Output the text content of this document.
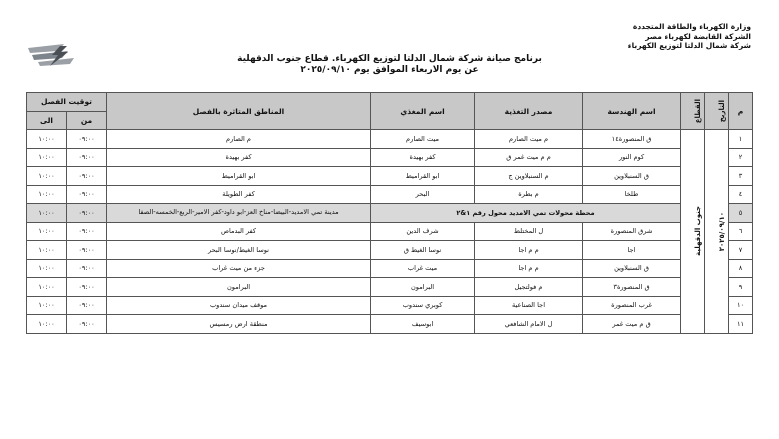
وزارة الكهرباء والطاقة المتجددة
الشركة القابضة لكهرباء مصر
شركة شمال الدلتا لتوزيع الكهرباء
برنامج صيانة شركة شمال الدلتا لتوزيع الكهرباء. قطاع جنوب الدقهلية
عن يوم الاربعاء الموافق يوم ٢٠٢٥/٠٩/١٠
م	التاريخ	القطاع	اسم الهندسة	مصدر التغذية	اسم المغذي	المناطق المتاثرة بالفصل	توقيت الفصل	
							من	الى
١	٢٠٢٥/٠٩/١٠	جنوب الدقهلية	ق المنصورة١٤	م ميت الصارم	ميت الصارم	م الصارم	٠٩:٠٠	١٠:٠٠
٢			كوم النور	م م ميت غمر ق	كفر بهيدة	كفر بهيدة	٠٩:٠٠	١٠:٠٠
٣			ق السنبلاوين	م السنبلاوين ج	ابو القراميط	ابو القراميط	٠٩:٠٠	١٠:٠٠
٤			طلخا	م بطرة	البحر	كفر الطويلة	٠٩:٠٠	١٠:٠٠
٥			محطة محولات تمي الامديد محول رقم ١&٢			مدينة تمي الامديد-البيضا-مناخ العز-ابو داود-كفر الامير-الربع-الخمسه-الصفا	٠٩:٠٠	١٠:٠٠
٦			شرق المنصورة	ل المختلط	شرف الدين	كفر البدماص	٠٩:٠٠	١٠:٠٠
٧			اجا	م م اجا	نوسا الغيط ق	نوسا الغيط/نوسا البحر	٠٩:٠٠	١٠:٠٠
٨			ق السنبلاوين	م م اجا	ميت غراب	جزء من ميت غراب	٠٩:٠٠	١٠:٠٠
٩			ق المنصورة٣	م فولتجيل	البرامون	البرامون	٠٩:٠٠	١٠:٠٠
١٠			غرب المنصورة	اجا الصناعية	كوبري سندوب	موقف ميدان سندوب	٠٩:٠٠	١٠:٠٠
١١			ق م ميت غمر	ل الامام الشافعي	ابوسيف	منطقة ارض رمسيس	٠٩:٠٠	١٠:٠٠
